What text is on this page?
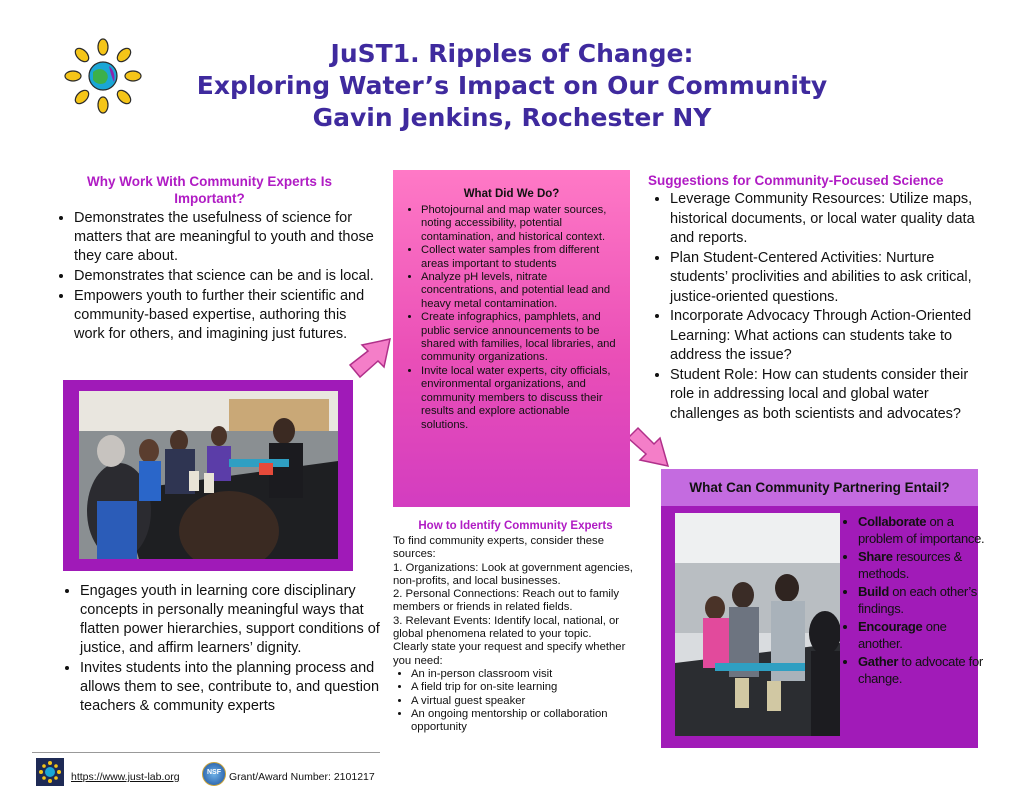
JuST1. Ripples of Change:
Exploring Water’s Impact on Our Community
Gavin Jenkins, Rochester NY
Why Work With Community Experts Is Important?
• Demonstrates the usefulness of science for matters that are meaningful to youth and those they care about.
• Demonstrates that science can be and is local.
• Empowers youth to further their scientific and community-based expertise, authoring this work for others, and imagining just futures.
• Engages youth in learning core disciplinary concepts in personally meaningful ways that flatten power hierarchies, support conditions of justice, and affirm learners’ dignity.
• Invites students into the planning process and allows them to see, contribute to, and question teachers & community experts
What Did We Do?
• Photojournal and map water sources, noting accessibility, potential contamination, and historical context.
• Collect water samples from different areas important to students
• Analyze pH levels, nitrate concentrations, and potential lead and heavy metal contamination.
• Create infographics, pamphlets, and public service announcements to be shared with families, local libraries, and community organizations.
• Invite local water experts, city officials, environmental organizations, and community members to discuss their results and explore actionable solutions.
How to Identify Community Experts
To find community experts, consider these sources:
1. Organizations: Look at government agencies, non-profits, and local businesses.
2. Personal Connections: Reach out to family members or friends in related fields.
3. Relevant Events: Identify local, national, or global phenomena related to your topic.
Clearly state your request and specify whether you need:
• An in-person classroom visit
• A field trip for on-site learning
• A virtual guest speaker
• An ongoing mentorship or collaboration opportunity
Suggestions for Community-Focused Science
• Leverage Community Resources: Utilize maps, historical documents, or local water quality data and reports.
• Plan Student-Centered Activities: Nurture students’ proclivities and abilities to ask critical, justice-oriented questions.
• Incorporate Advocacy Through Action-Oriented Learning: What actions can students take to address the issue?
• Student Role: How can students consider their role in addressing local and global water challenges as both scientists and advocates?
What Can Community Partnering Entail?
• Collaborate on a problem of importance.
• Share resources & methods.
• Build on each other’s findings.
• Encourage one another.
• Gather to advocate for change.
https://www.just-lab.org	NSF Grant/Award Number: 2101217
